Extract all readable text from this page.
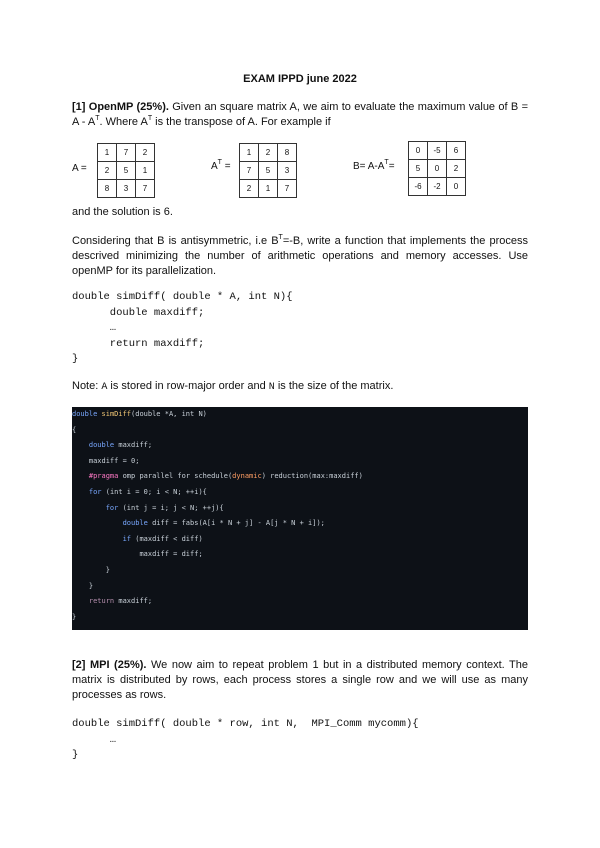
EXAM IPPD june 2022
[1] OpenMP (25%). Given an square matrix A, we aim to evaluate the maximum value of $B = A - A^T$. Where $A^T$ is the transpose of A. For example if
A =
1	7	2
2	5	1
8	3	7
$A^T$ =
1	2	8
7	5	3
2	1	7
$B= A-A^T=$
0	-5	6
5	0	2
-6	-2	0
and the solution is 6.
Considering that B is antisymmetric, i.e $B^T=-B$, write a function that implements the process descrived minimizing the number of arithmetic operations and memory accesses. Use openMP for its parallelization.
double simDiff( double * A, int N){
double maxdiff;
…
return maxdiff;
}
Note: A is stored in row-major order and N is the size of the matrix.
double simDiff(double *A, int N)
{
double maxdiff;
maxdiff = 0;
#pragma omp parallel for schedule(dynamic) reduction(max:maxdiff)
for (int i = 0; i < N; ++i){
for (int j = i; j < N; ++j){
double diff = fabs(A[i * N + j] - A[j * N + i]);
if (maxdiff < diff)
maxdiff = diff;
}
}
return maxdiff;
}
[2] MPI (25%). We now aim to repeat problem 1 but in a distributed memory context. The matrix is distributed by rows, each process stores a single row and we will use as many processes as rows.
double simDiff( double * row, int N,  MPI_Comm mycomm){
…
}
